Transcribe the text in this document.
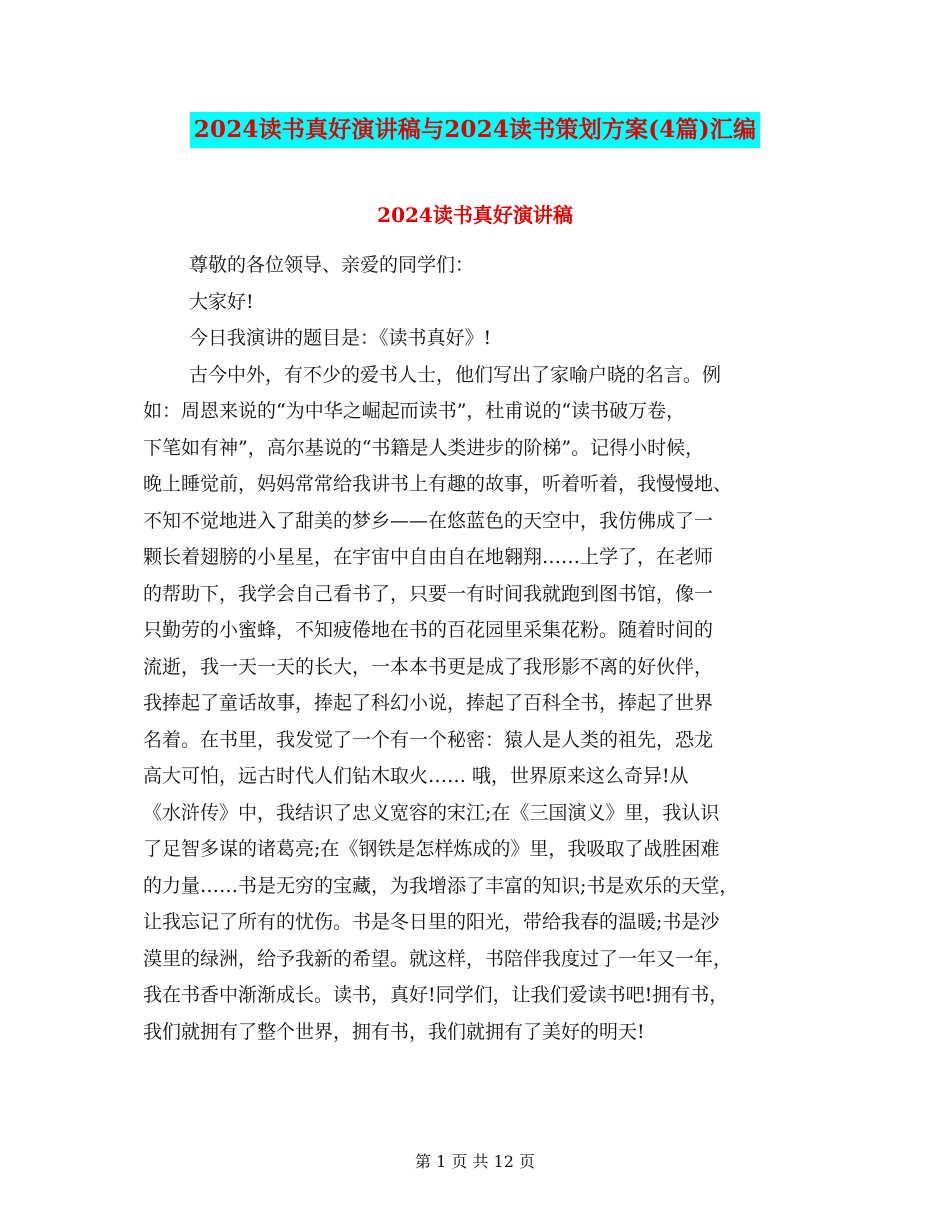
2024读书真好演讲稿与2024读书策划方案(4篇)汇编
2024读书真好演讲稿
尊敬的各位领导、亲爱的同学们：
大家好!
今日我演讲的题目是：《读书真好》!
古今中外，有不少的爱书人士，他们写出了家喻户晓的名言。例
如：周恩来说的“为中华之崛起而读书”，杜甫说的“读书破万卷，
下笔如有神”，高尔基说的“书籍是人类进步的阶梯”。记得小时候，
晚上睡觉前，妈妈常常给我讲书上有趣的故事，听着听着，我慢慢地、
不知不觉地进入了甜美的梦乡——在悠蓝色的天空中，我仿佛成了一
颗长着翅膀的小星星，在宇宙中自由自在地翱翔……上学了，在老师
的帮助下，我学会自己看书了，只要一有时间我就跑到图书馆，像一
只勤劳的小蜜蜂，不知疲倦地在书的百花园里采集花粉。随着时间的
流逝，我一天一天的长大，一本本书更是成了我形影不离的好伙伴，
我捧起了童话故事，捧起了科幻小说，捧起了百科全书，捧起了世界
名着。在书里，我发觉了一个有一个秘密：猿人是人类的祖先，恐龙
高大可怕，远古时代人们钻木取火…… 哦，世界原来这么奇异!从
《水浒传》中，我结识了忠义宽容的宋江;在《三国演义》里，我认识
了足智多谋的诸葛亮;在《钢铁是怎样炼成的》里，我吸取了战胜困难
的力量……书是无穷的宝藏，为我增添了丰富的知识;书是欢乐的天堂，
让我忘记了所有的忧伤。书是冬日里的阳光，带给我春的温暖;书是沙
漠里的绿洲，给予我新的希望。就这样，书陪伴我度过了一年又一年，
我在书香中渐渐成长。读书，真好!同学们，让我们爱读书吧!拥有书，
我们就拥有了整个世界，拥有书，我们就拥有了美好的明天!
第 1 页 共 12 页
